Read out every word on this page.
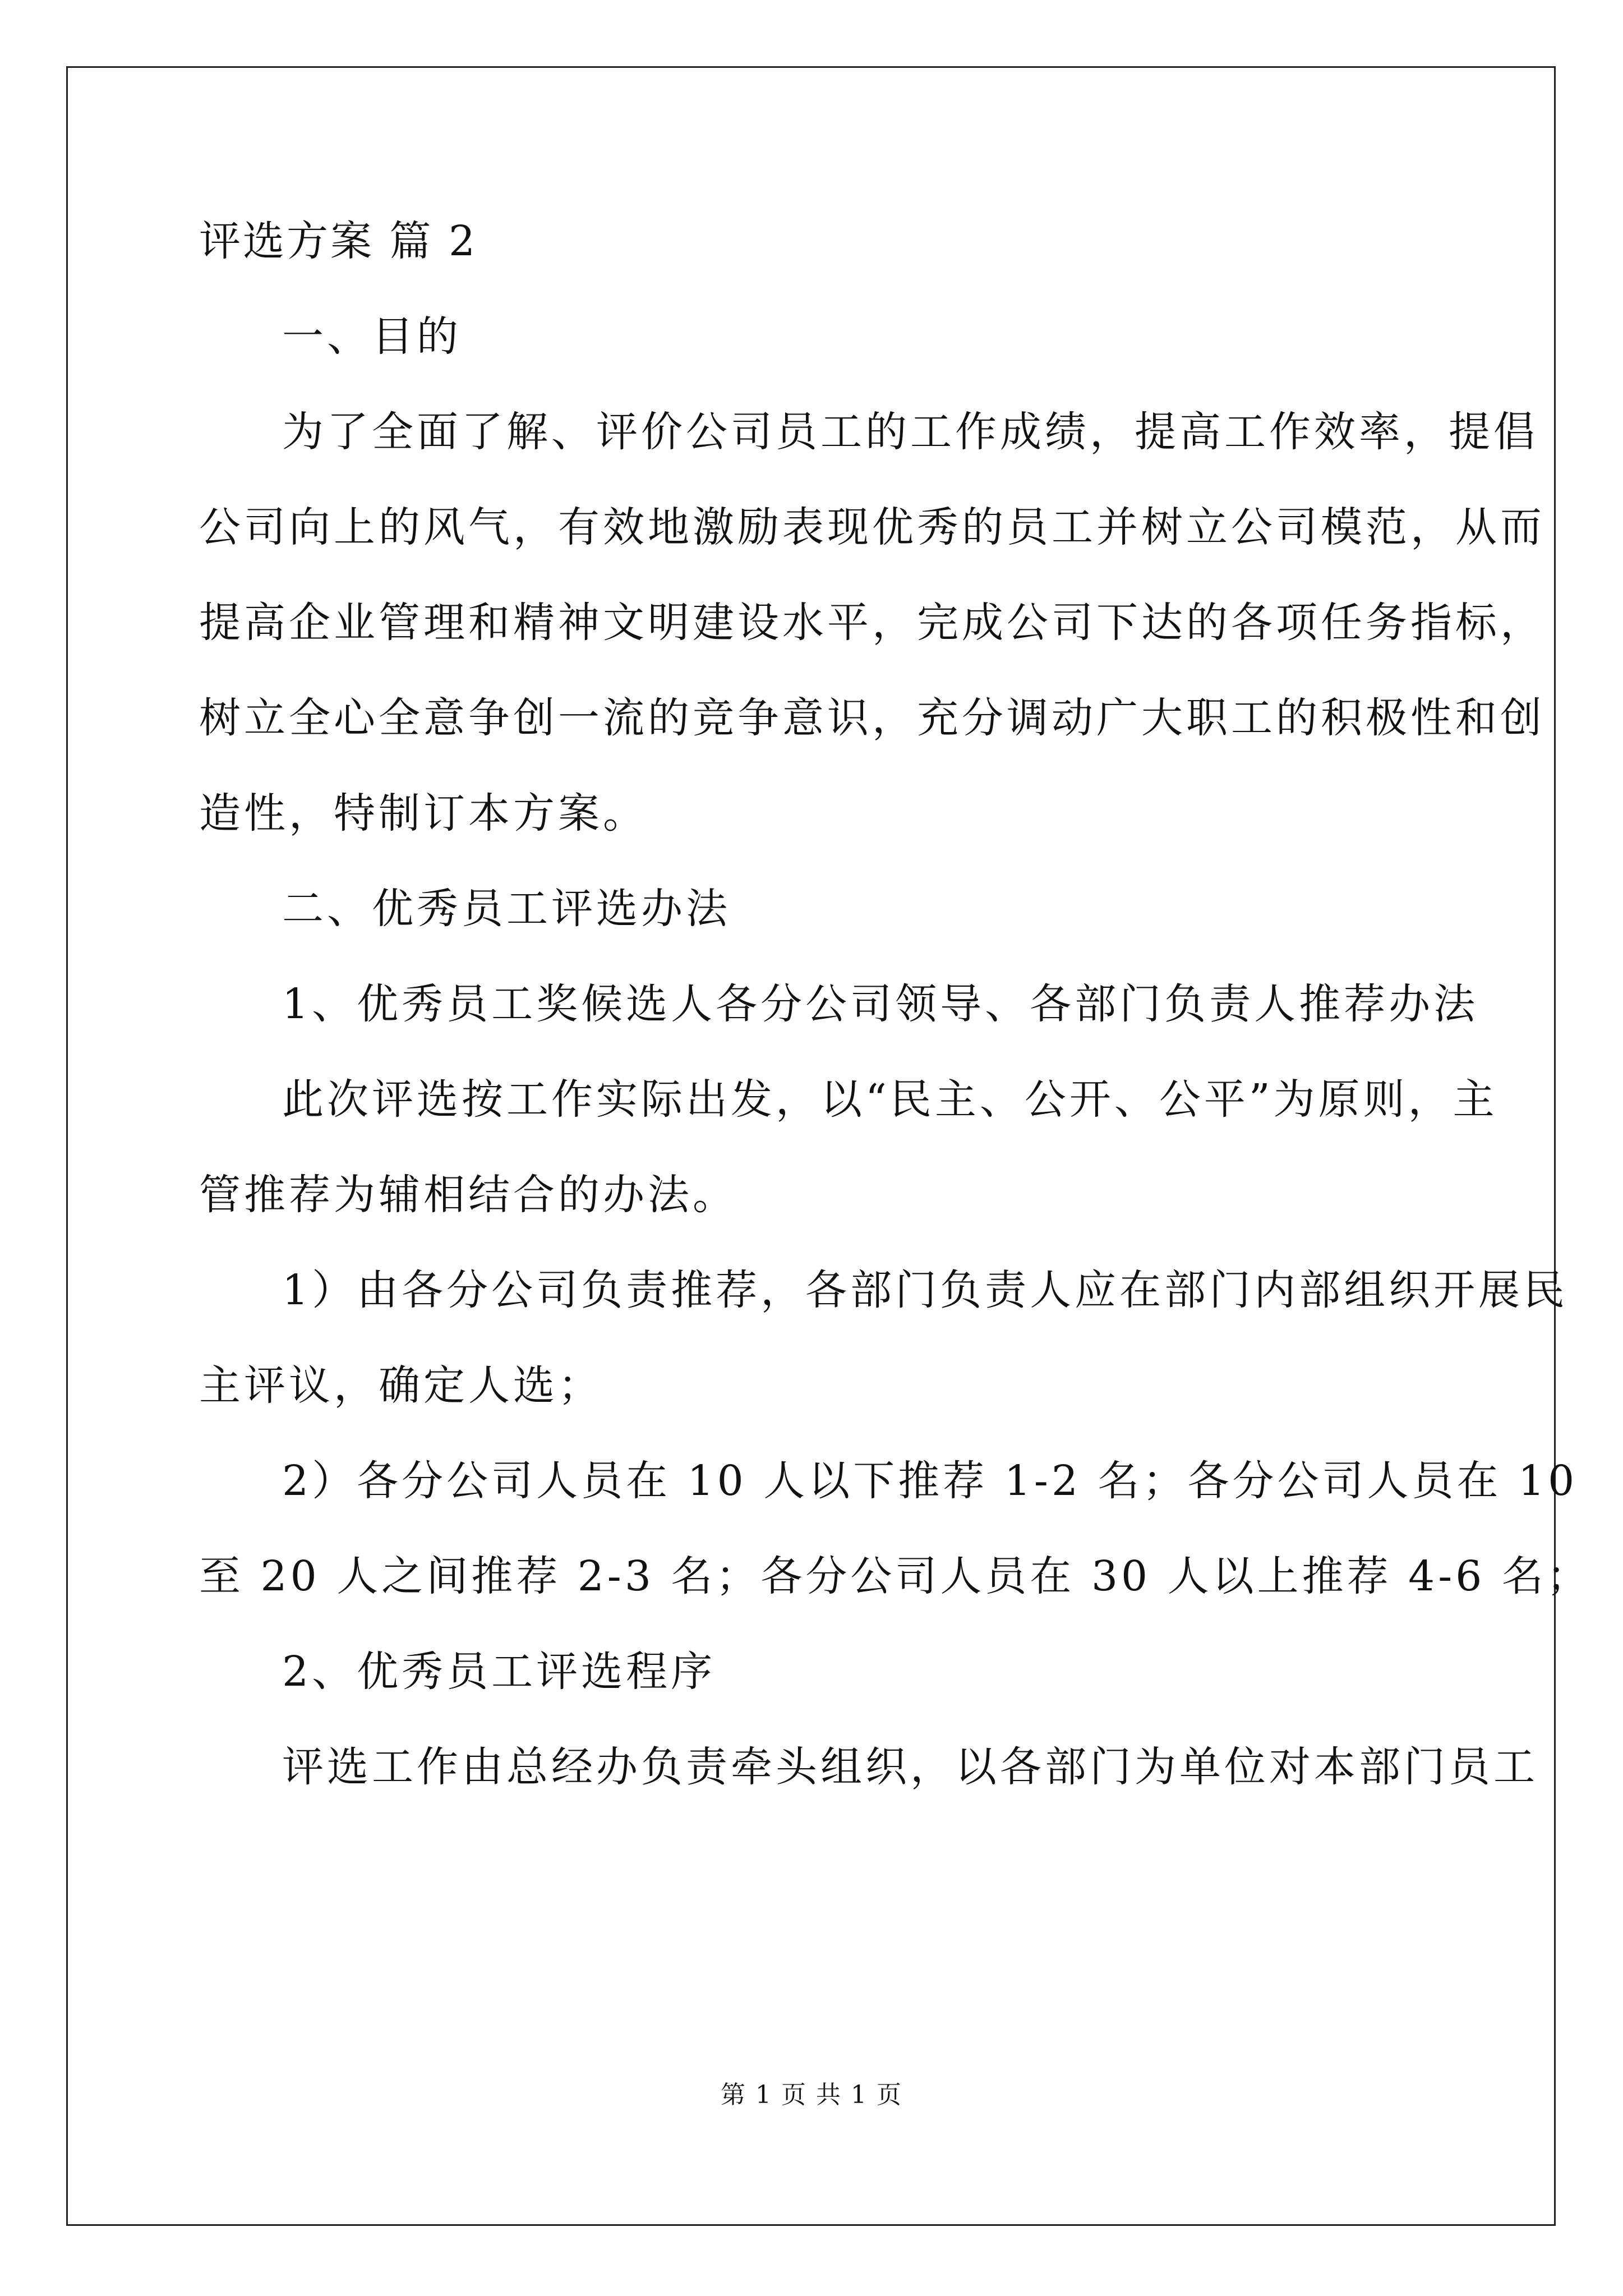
评选方案 篇 2
一、目的
为了全面了解、评价公司员工的工作成绩，提高工作效率，提倡
公司向上的风气，有效地激励表现优秀的员工并树立公司模范，从而
提高企业管理和精神文明建设水平，完成公司下达的各项任务指标，
树立全心全意争创一流的竞争意识，充分调动广大职工的积极性和创
造性，特制订本方案。
二、优秀员工评选办法
1、优秀员工奖候选人各分公司领导、各部门负责人推荐办法
此次评选按工作实际出发，以“民主、公开、公平”为原则，主
管推荐为辅相结合的办法。
1）由各分公司负责推荐，各部门负责人应在部门内部组织开展民
主评议，确定人选；
2）各分公司人员在 10 人以下推荐 1-2 名；各分公司人员在 10
至 20 人之间推荐 2-3 名；各分公司人员在 30 人以上推荐 4-6 名；
2、优秀员工评选程序
评选工作由总经办负责牵头组织，以各部门为单位对本部门员工
第 1 页 共 1 页
